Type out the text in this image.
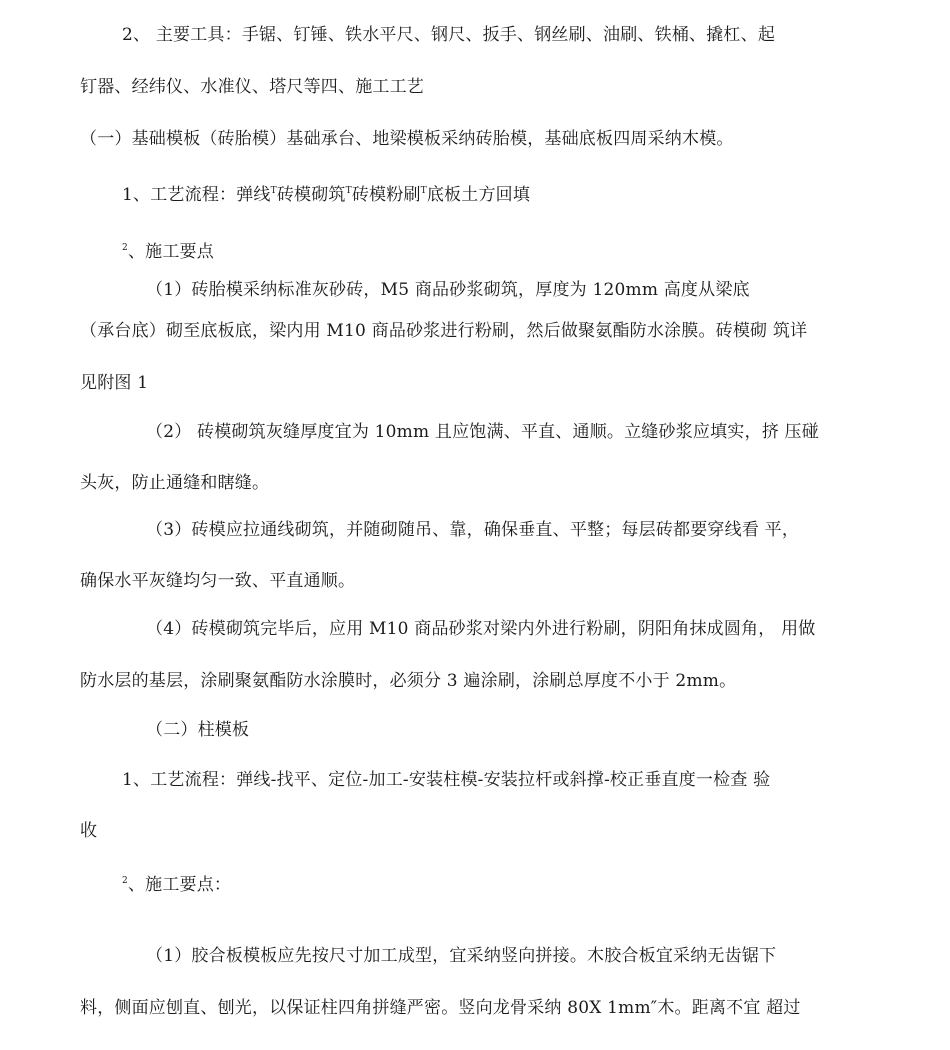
2、 主要工具：手锯、钉锤、铁水平尺、钢尺、扳手、钢丝刷、油刷、铁桶、撬杠、起
钉器、经纬仪、水准仪、塔尺等四、施工工艺
（一）基础模板（砖胎模）基础承台、地梁模板采纳砖胎模，基础底板四周采纳木模。
1、工艺流程：弹线$^T$砖模砌筑$^T$砖模粉刷$^T$底板土方回填
$^2$、施工要点
（1）砖胎模采纳标准灰砂砖，M5 商品砂浆砌筑，厚度为 120mm 高度从梁底
（承台底）砌至底板底，梁内用 M10 商品砂浆进行粉刷，然后做聚氨酯防水涂膜。砖模砌 筑详
见附图 1
（2） 砖模砌筑灰缝厚度宜为 10mm 且应饱满、平直、通顺。立缝砂浆应填实，挤 压碰
头灰，防止通缝和瞎缝。
（3）砖模应拉通线砌筑，并随砌随吊、靠，确保垂直、平整；每层砖都要穿线看 平，
确保水平灰缝均匀一致、平直通顺。
（4）砖模砌筑完毕后，应用 M10 商品砂浆对梁内外进行粉刷，阴阳角抹成圆角， 用做
防水层的基层，涂刷聚氨酯防水涂膜时，必须分 3 遍涂刷，涂刷总厚度不小于 2mm。
（二）柱模板
1、工艺流程：弹线-找平、定位-加工-安装柱模-安装拉杆或斜撑-校正垂直度一检查 验
收
$^2$、施工要点：
（1）胶合板模板应先按尺寸加工成型，宜采纳竖向拼接。木胶合板宜采纳无齿锯下
料，侧面应刨直、刨光，以保证柱四角拼缝严密。竖向龙骨采纳 80X 1mm″木。距离不宜 超过
